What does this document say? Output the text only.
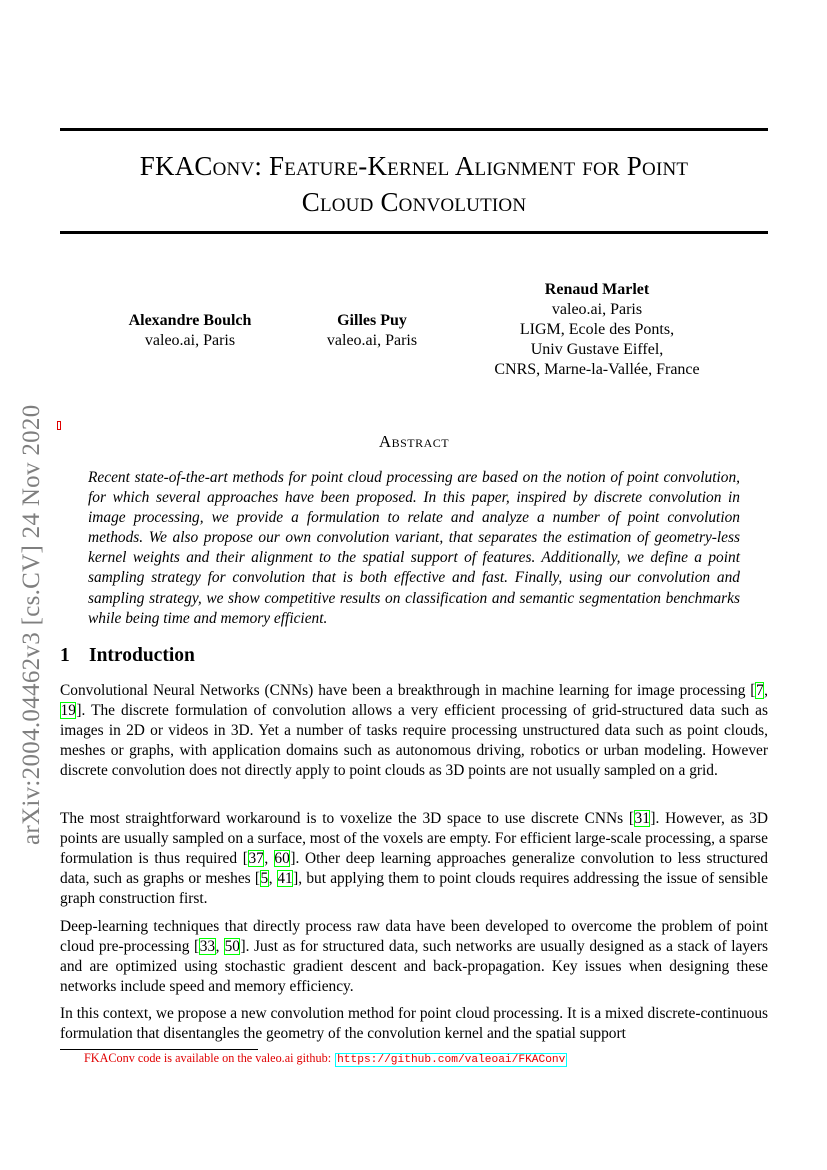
FKAConv: Feature-Kernel Alignment for Point
Cloud Convolution
Alexandre Boulch
valeo.ai, Paris
Gilles Puy
valeo.ai, Paris
Renaud Marlet
valeo.ai, Paris
LIGM, Ecole des Ponts,
Univ Gustave Eiffel,
CNRS, Marne-la-Vallée, France
arXiv:2004.04462v3 [cs.CV] 24 Nov 2020	Abstract
Recent state-of-the-art methods for point cloud processing are based on the notion of point convolution, for which several approaches have been proposed. In this paper, inspired by discrete convolution in image processing, we provide a formulation to relate and analyze a number of point convolution methods. We also propose our own convolution variant, that separates the estimation of geometry-less kernel weights and their alignment to the spatial support of features. Additionally, we define a point sampling strategy for convolution that is both effective and fast. Finally, using our convolution and sampling strategy, we show competitive results on classification and semantic segmentation benchmarks while being time and memory efficient.
1 Introduction

Convolutional Neural Networks (CNNs) have been a breakthrough in machine learning for image processing [7, 19]. The discrete formulation of convolution allows a very efficient processing of grid-structured data such as images in 2D or videos in 3D. Yet a number of tasks require processing unstructured data such as point clouds, meshes or graphs, with application domains such as autonomous driving, robotics or urban modeling. However discrete convolution does not directly apply to point clouds as 3D points are not usually sampled on a grid.

The most straightforward workaround is to voxelize the 3D space to use discrete CNNs [31]. However, as 3D points are usually sampled on a surface, most of the voxels are empty. For efficient large-scale processing, a sparse formulation is thus required [37, 60]. Other deep learning approaches generalize convolution to less structured data, such as graphs or meshes [5, 41], but applying them to point clouds requires addressing the issue of sensible graph construction first.

Deep-learning techniques that directly process raw data have been developed to overcome the problem of point cloud pre-processing [33, 50]. Just as for structured data, such networks are usually designed as a stack of layers and are optimized using stochastic gradient descent and back-propagation. Key issues when designing these networks include speed and memory efficiency.

In this context, we propose a new convolution method for point cloud processing. It is a mixed discrete-continuous formulation that disentangles the geometry of the convolution kernel and the spatial support

FKAConv code is available on the valeo.ai github: https://github.com/valeoai/FKAConv
